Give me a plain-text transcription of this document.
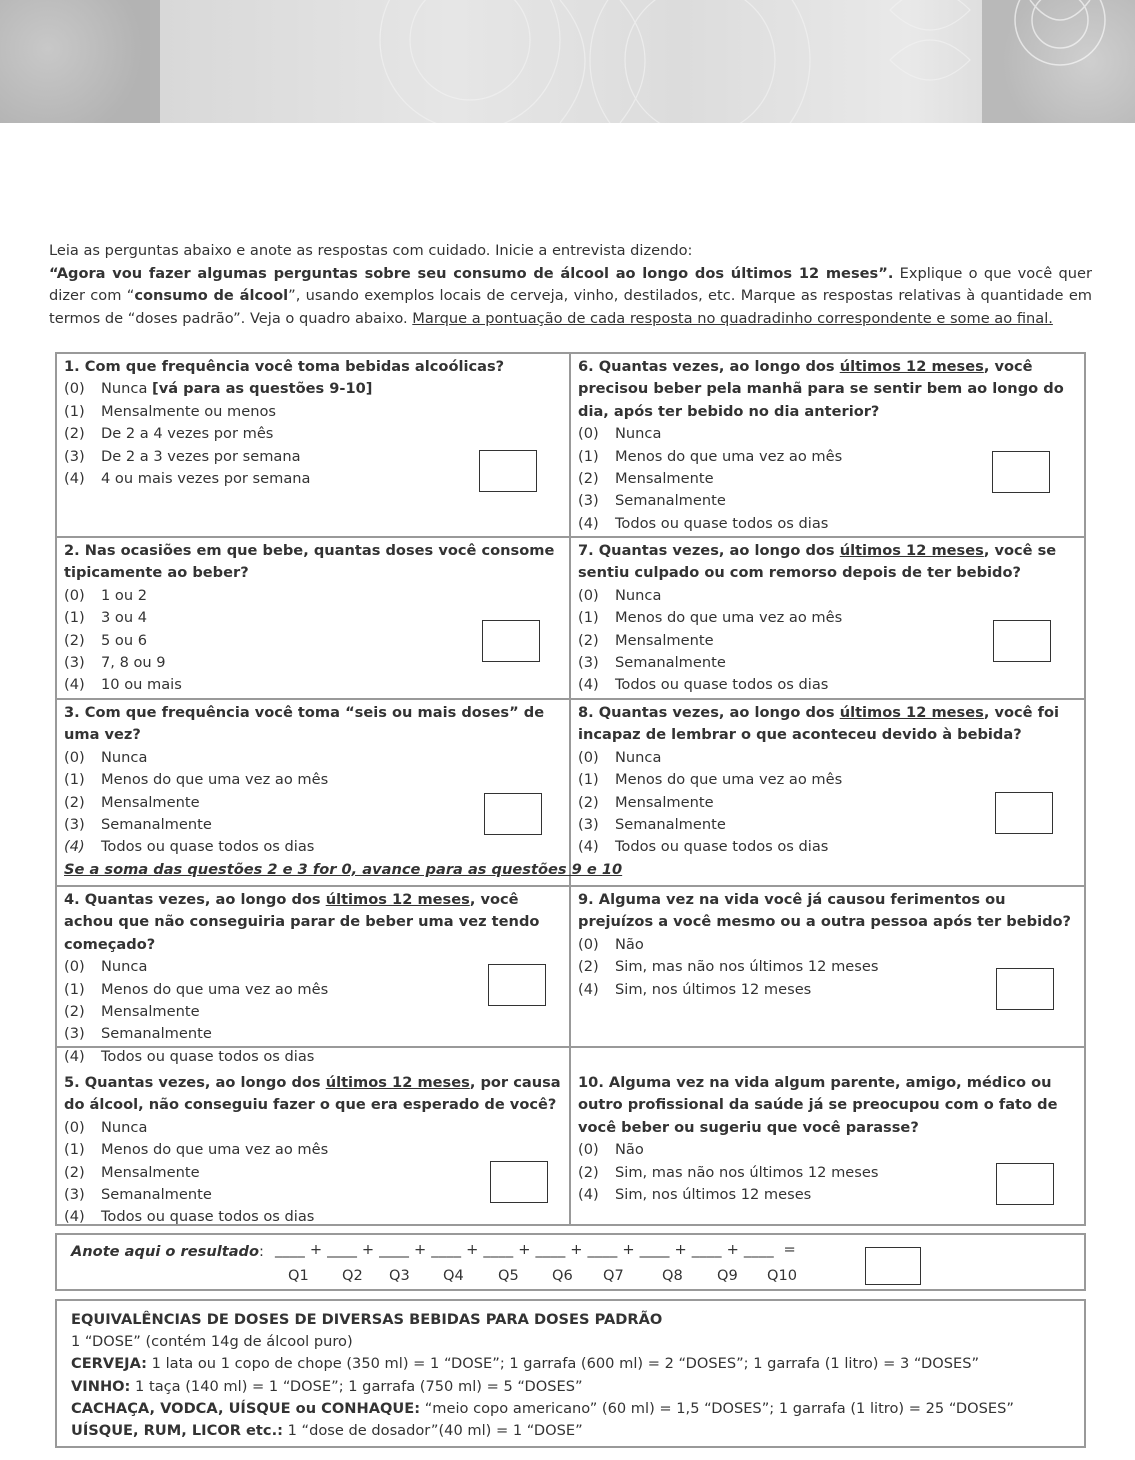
Leia as perguntas abaixo e anote as respostas com cuidado. Inicie a entrevista dizendo:

“Agora vou fazer algumas perguntas sobre seu consumo de álcool ao longo dos últimos 12 meses”. Explique o que você quer dizer com “consumo de álcool”, usando exemplos locais de cerveja, vinho, destilados, etc. Marque as respostas relativas à quantidade em termos de “doses padrão”. Veja o quadro abaixo. Marque a pontuação de cada resposta no quadradinho correspondente e some ao final.

1. Com que frequência você toma bebidas alcoólicas?
(0) Nunca [vá para as questões 9-10]
(1) Mensalmente ou menos
(2) De 2 a 4 vezes por mês
(3) De 2 a 3 vezes por semana
(4) 4 ou mais vezes por semana
6. Quantas vezes, ao longo dos últimos 12 meses, você precisou beber pela manhã para se sentir bem ao longo do dia, após ter bebido no dia anterior?
(0) Nunca
(1) Menos do que uma vez ao mês
(2) Mensalmente
(3) Semanalmente
(4) Todos ou quase todos os dias
2. Nas ocasiões em que bebe, quantas doses você consome tipicamente ao beber?
(0) 1 ou 2
(1) 3 ou 4
(2) 5 ou 6
(3) 7, 8 ou 9
(4) 10 ou mais
7. Quantas vezes, ao longo dos últimos 12 meses, você se sentiu culpado ou com remorso depois de ter bebido?
(0) Nunca
(1) Menos do que uma vez ao mês
(2) Mensalmente
(3) Semanalmente
(4) Todos ou quase todos os dias
3. Com que frequência você toma “seis ou mais doses” de uma vez?
(0) Nunca
(1) Menos do que uma vez ao mês
(2) Mensalmente
(3) Semanalmente
(4) Todos ou quase todos os dias
Se a soma das questões 2 e 3 for 0, avance para as questões 9 e 10
8. Quantas vezes, ao longo dos últimos 12 meses, você foi incapaz de lembrar o que aconteceu devido à bebida?
(0) Nunca
(1) Menos do que uma vez ao mês
(2) Mensalmente
(3) Semanalmente
(4) Todos ou quase todos os dias
4. Quantas vezes, ao longo dos últimos 12 meses, você achou que não conseguiria parar de beber uma vez tendo começado?
(0) Nunca
(1) Menos do que uma vez ao mês
(2) Mensalmente
(3) Semanalmente
(4) Todos ou quase todos os dias
9. Alguma vez na vida você já causou ferimentos ou prejuízos a você mesmo ou a outra pessoa após ter bebido?
(0) Não
(2) Sim, mas não nos últimos 12 meses
(4) Sim, nos últimos 12 meses
5. Quantas vezes, ao longo dos últimos 12 meses, por causa do álcool, não conseguiu fazer o que era esperado de você?
(0) Nunca
(1) Menos do que uma vez ao mês
(2) Mensalmente
(3) Semanalmente
(4) Todos ou quase todos os dias
10. Alguma vez na vida algum parente, amigo, médico ou outro profissional da saúde já se preocupou com o fato de você beber ou sugeriu que você parasse?
(0) Não
(2) Sim, mas não nos últimos 12 meses
(4) Sim, nos últimos 12 meses
Anote aqui o resultado: ____ + ____ + ____ + ____ + ____ + ____ + ____ + ____ + ____ + ____  =
Q1 Q2 Q3 Q4 Q5 Q6 Q7	Q8 Q9 Q10
EQUIVALÊNCIAS DE DOSES DE DIVERSAS BEBIDAS PARA DOSES PADRÃO
1 “DOSE” (contém 14g de álcool puro)
CERVEJA: 1 lata ou 1 copo de chope (350 ml) = 1 “DOSE”; 1 garrafa (600 ml) = 2 “DOSES”; 1 garrafa (1 litro) = 3 “DOSES”
VINHO: 1 taça (140 ml) = 1 “DOSE”; 1 garrafa (750 ml) = 5 “DOSES”
CACHAÇA, VODCA, UÍSQUE ou CONHAQUE: “meio copo americano” (60 ml) = 1,5 “DOSES”; 1 garrafa (1 litro) = 25 “DOSES”
UÍSQUE, RUM, LICOR etc.: 1 “dose de dosador”(40 ml) = 1 “DOSE”
